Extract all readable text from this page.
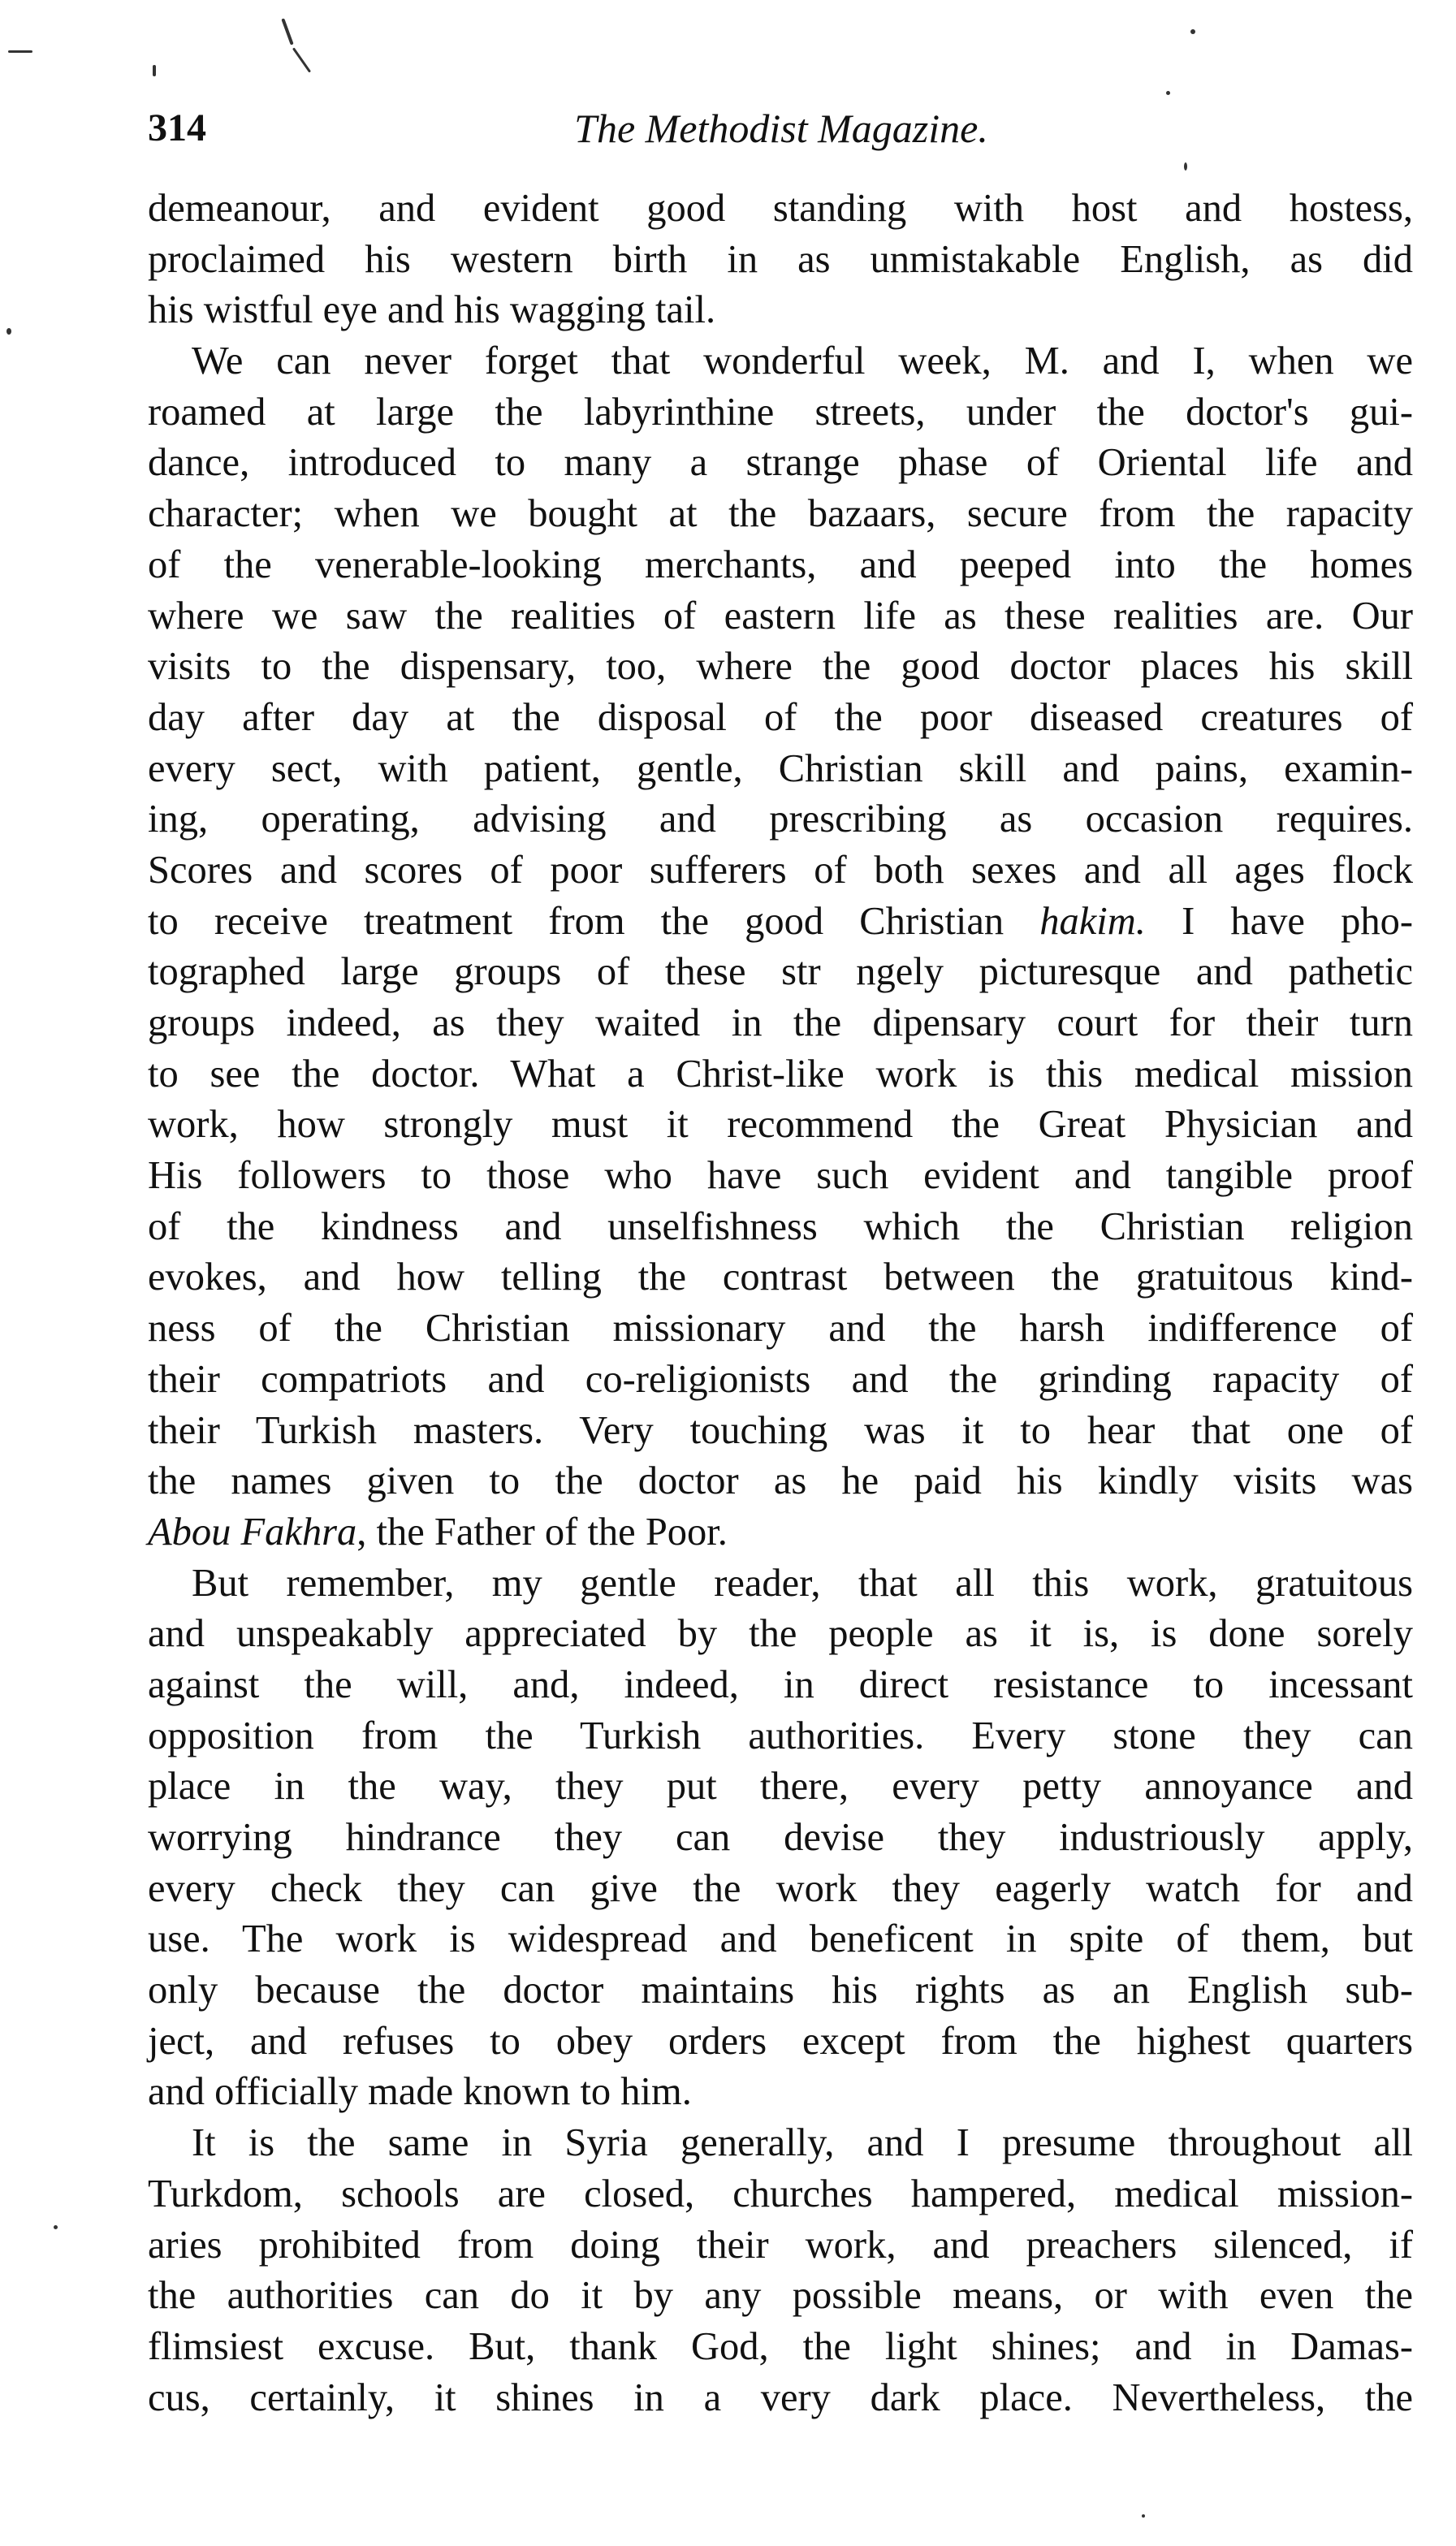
314	The Methodist Magazine.
demeanour, and evident good standing with host and hostess,
proclaimed his western birth in as unmistakable English, as did
his wistful eye and his wagging tail.
We can never forget that wonderful week, M. and I, when we
roamed at large the labyrinthine streets, under the doctor's gui-
dance, introduced to many a strange phase of Oriental life and
character; when we bought at the bazaars, secure from the rapacity
of the venerable-looking merchants, and peeped into the homes
where we saw the realities of eastern life as these realities are. Our
visits to the dispensary, too, where the good doctor places his skill
day after day at the disposal of the poor diseased creatures of
every sect, with patient, gentle, Christian skill and pains, examin-
ing, operating, advising and prescribing as occasion requires.
Scores and scores of poor sufferers of both sexes and all ages flock
to receive treatment from the good Christian hakim. I have pho-
tographed large groups of these str ngely picturesque and pathetic
groups indeed, as they waited in the dipensary court for their turn
to see the doctor. What a Christ-like work is this medical mission
work, how strongly must it recommend the Great Physician and
His followers to those who have such evident and tangible proof
of the kindness and unselfishness which the Christian religion
evokes, and how telling the contrast between the gratuitous kind-
ness of the Christian missionary and the harsh indifference of
their compatriots and co-religionists and the grinding rapacity of
their Turkish masters. Very touching was it to hear that one of
the names given to the doctor as he paid his kindly visits was
Abou Fakhra, the Father of the Poor.
But remember, my gentle reader, that all this work, gratuitous
and unspeakably appreciated by the people as it is, is done sorely
against the will, and, indeed, in direct resistance to incessant
opposition from the Turkish authorities. Every stone they can
place in the way, they put there, every petty annoyance and
worrying hindrance they can devise they industriously apply,
every check they can give the work they eagerly watch for and
use. The work is widespread and beneficent in spite of them, but
only because the doctor maintains his rights as an English sub-
ject, and refuses to obey orders except from the highest quarters
and officially made known to him.
It is the same in Syria generally, and I presume throughout all
Turkdom, schools are closed, churches hampered, medical mission-
aries prohibited from doing their work, and preachers silenced, if
the authorities can do it by any possible means, or with even the
flimsiest excuse. But, thank God, the light shines; and in Damas-
cus, certainly, it shines in a very dark place. Nevertheless, the
